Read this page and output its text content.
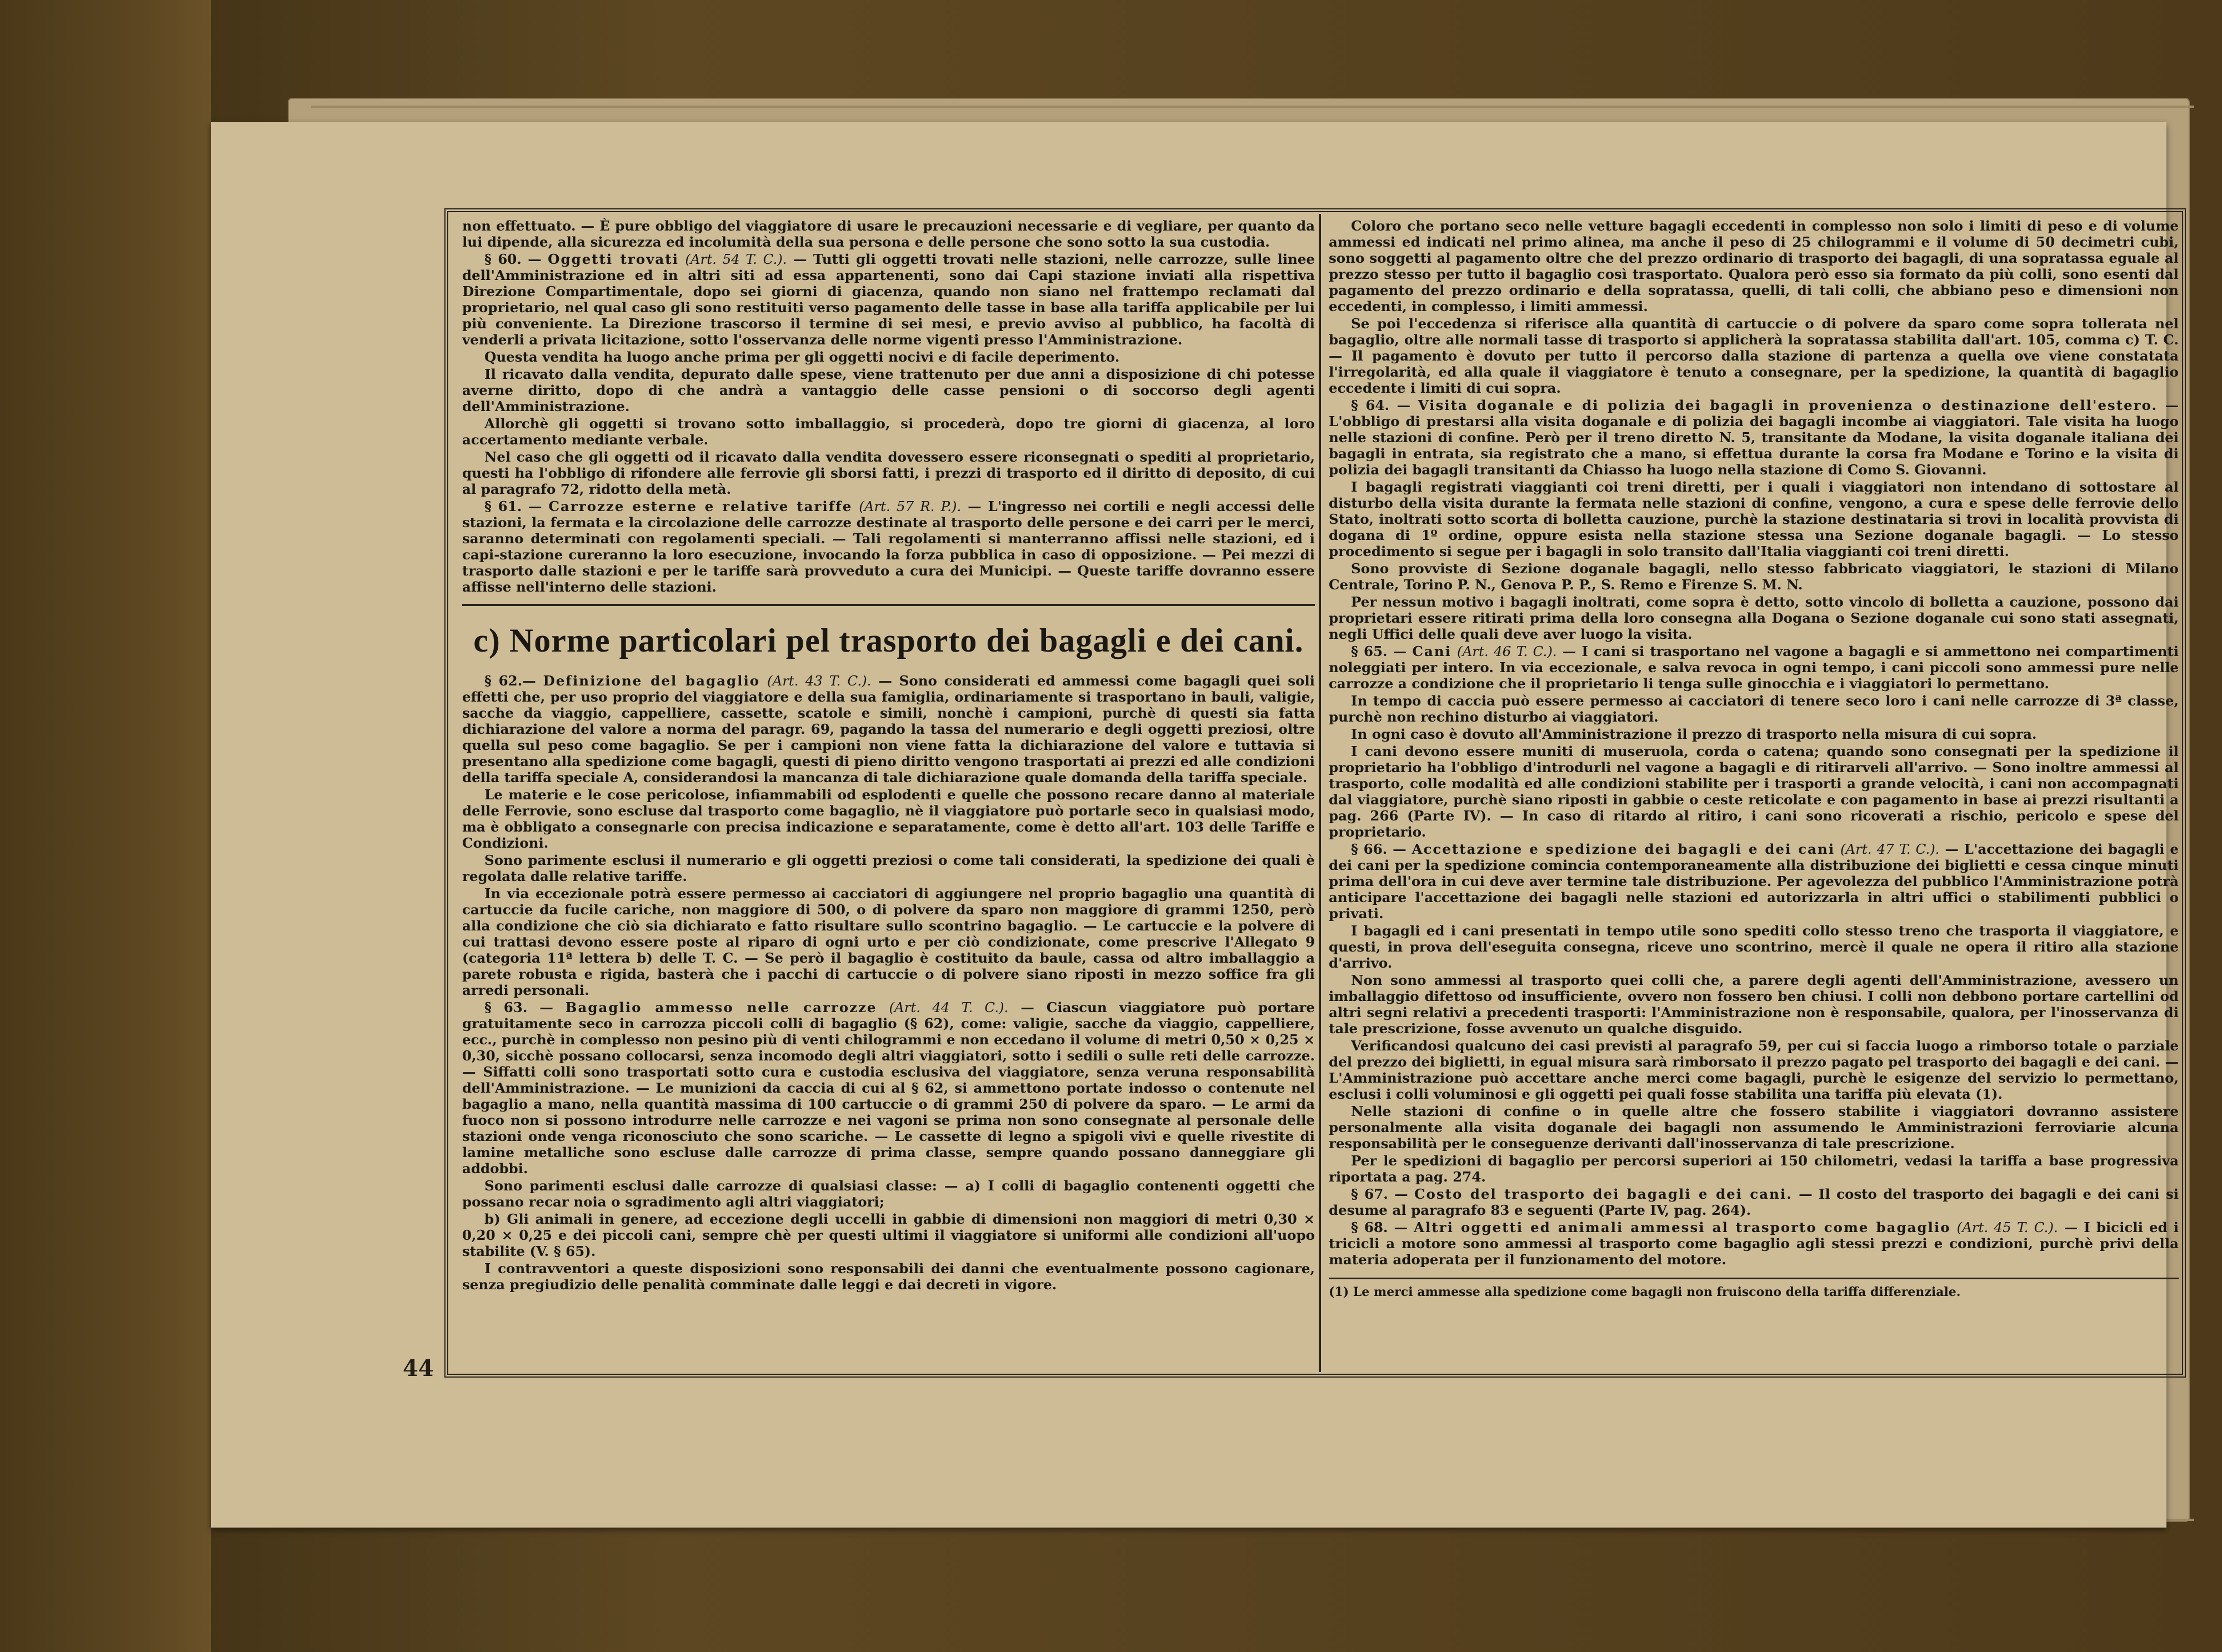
non effettuato. — È pure obbligo del viaggiatore di usare le precauzioni necessarie e di vegliare, per quanto da lui dipende, alla sicurezza ed incolumità della sua persona e delle persone che sono sotto la sua custodia.

§ 60. — Oggetti trovati (Art. 54 T. C.). — Tutti gli oggetti trovati nelle stazioni, nelle carrozze, sulle linee dell'Amministrazione ed in altri siti ad essa appartenenti, sono dai Capi stazione inviati alla rispettiva Direzione Compartimentale, dopo sei giorni di giacenza, quando non siano nel frattempo reclamati dal proprietario, nel qual caso gli sono restituiti verso pagamento delle tasse in base alla tariffa applicabile per lui più conveniente. La Direzione trascorso il termine di sei mesi, e previo avviso al pubblico, ha facoltà di venderli a privata licitazione, sotto l'osservanza delle norme vigenti presso l'Amministrazione.

Questa vendita ha luogo anche prima per gli oggetti nocivi e di facile deperimento.

Il ricavato dalla vendita, depurato dalle spese, viene trattenuto per due anni a disposizione di chi potesse averne diritto, dopo di che andrà a vantaggio delle casse pensioni o di soccorso degli agenti dell'Amministrazione.

Allorchè gli oggetti si trovano sotto imballaggio, si procederà, dopo tre giorni di giacenza, al loro accertamento mediante verbale.

Nel caso che gli oggetti od il ricavato dalla vendita dovessero essere riconsegnati o spediti al proprietario, questi ha l'obbligo di rifondere alle ferrovie gli sborsi fatti, i prezzi di trasporto ed il diritto di deposito, di cui al paragrafo 72, ridotto della metà.

§ 61. — Carrozze esterne e relative tariffe (Art. 57 R. P.). — L'ingresso nei cortili e negli accessi delle stazioni, la fermata e la circolazione delle carrozze destinate al trasporto delle persone e dei carri per le merci, saranno determinati con regolamenti speciali. — Tali regolamenti si manterranno affissi nelle stazioni, ed i capi-stazione cureranno la loro esecuzione, invocando la forza pubblica in caso di opposizione. — Pei mezzi di trasporto dalle stazioni e per le tariffe sarà provveduto a cura dei Municipi. — Queste tariffe dovranno essere affisse nell'interno delle stazioni.

c) Norme particolari pel trasporto dei bagagli e dei cani.

§ 62.— Definizione del bagaglio (Art. 43 T. C.). — Sono considerati ed ammessi come bagagli quei soli effetti che, per uso proprio del viaggiatore e della sua famiglia, ordinariamente si trasportano in bauli, valigie, sacche da viaggio, cappelliere, cassette, scatole e simili, nonchè i campioni, purchè di questi sia fatta dichiarazione del valore a norma del paragr. 69, pagando la tassa del numerario e degli oggetti preziosi, oltre quella sul peso come bagaglio. Se per i campioni non viene fatta la dichiarazione del valore e tuttavia si presentano alla spedizione come bagagli, questi di pieno diritto vengono trasportati ai prezzi ed alle condizioni della tariffa speciale A, considerandosi la mancanza di tale dichiarazione quale domanda della tariffa speciale.

Le materie e le cose pericolose, infiammabili od esplodenti e quelle che possono recare danno al materiale delle Ferrovie, sono escluse dal trasporto come bagaglio, nè il viaggiatore può portarle seco in qualsiasi modo, ma è obbligato a consegnarle con precisa indicazione e separatamente, come è detto all'art. 103 delle Tariffe e Condizioni.

Sono parimente esclusi il numerario e gli oggetti preziosi o come tali considerati, la spedizione dei quali è regolata dalle relative tariffe.

In via eccezionale potrà essere permesso ai cacciatori di aggiungere nel proprio bagaglio una quantità di cartuccie da fucile cariche, non maggiore di 500, o di polvere da sparo non maggiore di grammi 1250, però alla condizione che ciò sia dichiarato e fatto risultare sullo scontrino bagaglio. — Le cartuccie e la polvere di cui trattasi devono essere poste al riparo di ogni urto e per ciò condizionate, come prescrive l'Allegato 9 (categoria 11ª lettera b) delle T. C. — Se però il bagaglio è costituito da baule, cassa od altro imballaggio a parete robusta e rigida, basterà che i pacchi di cartuccie o di polvere siano riposti in mezzo soffice fra gli arredi personali.

§ 63. — Bagaglio ammesso nelle carrozze (Art. 44 T. C.). — Ciascun viaggiatore può portare gratuitamente seco in carrozza piccoli colli di bagaglio (§ 62), come: valigie, sacche da viaggio, cappelliere, ecc., purchè in complesso non pesino più di venti chilogrammi e non eccedano il volume di metri 0,50 × 0,25 × 0,30, sicchè possano collocarsi, senza incomodo degli altri viaggiatori, sotto i sedili o sulle reti delle carrozze. — Siffatti colli sono trasportati sotto cura e custodia esclusiva del viaggiatore, senza veruna responsabilità dell'Amministrazione. — Le munizioni da caccia di cui al § 62, si ammettono portate indosso o contenute nel bagaglio a mano, nella quantità massima di 100 cartuccie o di grammi 250 di polvere da sparo. — Le armi da fuoco non si possono introdurre nelle carrozze e nei vagoni se prima non sono consegnate al personale delle stazioni onde venga riconosciuto che sono scariche. — Le cassette di legno a spigoli vivi e quelle rivestite di lamine metalliche sono escluse dalle carrozze di prima classe, sempre quando possano danneggiare gli addobbi.

Sono parimenti esclusi dalle carrozze di qualsiasi classe: — a) I colli di bagaglio contenenti oggetti che possano recar noia o sgradimento agli altri viaggiatori;

b) Gli animali in genere, ad eccezione degli uccelli in gabbie di dimensioni non maggiori di metri 0,30 × 0,20 × 0,25 e dei piccoli cani, sempre chè per questi ultimi il viaggiatore si uniformi alle condizioni all'uopo stabilite (V. § 65).

I contravventori a queste disposizioni sono responsabili dei danni che eventualmente possono cagionare, senza pregiudizio delle penalità comminate dalle leggi e dai decreti in vigore.

Coloro che portano seco nelle vetture bagagli eccedenti in complesso non solo i limiti di peso e di volume ammessi ed indicati nel primo alinea, ma anche il peso di 25 chilogrammi e il volume di 50 decimetri cubi, sono soggetti al pagamento oltre che del prezzo ordinario di trasporto dei bagagli, di una sopratassa eguale al prezzo stesso per tutto il bagaglio così trasportato. Qualora però esso sia formato da più colli, sono esenti dal pagamento del prezzo ordinario e della sopratassa, quelli, di tali colli, che abbiano peso e dimensioni non eccedenti, in complesso, i limiti ammessi.

Se poi l'eccedenza si riferisce alla quantità di cartuccie o di polvere da sparo come sopra tollerata nel bagaglio, oltre alle normali tasse di trasporto si applicherà la sopratassa stabilita dall'art. 105, comma c) T. C. — Il pagamento è dovuto per tutto il percorso dalla stazione di partenza a quella ove viene constatata l'irregolarità, ed alla quale il viaggiatore è tenuto a consegnare, per la spedizione, la quantità di bagaglio eccedente i limiti di cui sopra.

§ 64. — Visita doganale e di polizia dei bagagli in provenienza o destinazione dell'estero. — L'obbligo di prestarsi alla visita doganale e di polizia dei bagagli incombe ai viaggiatori. Tale visita ha luogo nelle stazioni di confine. Però per il treno diretto N. 5, transitante da Modane, la visita doganale italiana dei bagagli in entrata, sia registrato che a mano, si effettua durante la corsa fra Modane e Torino e la visita di polizia dei bagagli transitanti da Chiasso ha luogo nella stazione di Como S. Giovanni.

I bagagli registrati viaggianti coi treni diretti, per i quali i viaggiatori non intendano di sottostare al disturbo della visita durante la fermata nelle stazioni di confine, vengono, a cura e spese delle ferrovie dello Stato, inoltrati sotto scorta di bolletta cauzione, purchè la stazione destinataria si trovi in località provvista di dogana di 1º ordine, oppure esista nella stazione stessa una Sezione doganale bagagli. — Lo stesso procedimento si segue per i bagagli in solo transito dall'Italia viaggianti coi treni diretti.

Sono provviste di Sezione doganale bagagli, nello stesso fabbricato viaggiatori, le stazioni di Milano Centrale, Torino P. N., Genova P. P., S. Remo e Firenze S. M. N.

Per nessun motivo i bagagli inoltrati, come sopra è detto, sotto vincolo di bolletta a cauzione, possono dai proprietari essere ritirati prima della loro consegna alla Dogana o Sezione doganale cui sono stati assegnati, negli Uffici delle quali deve aver luogo la visita.

§ 65. — Cani (Art. 46 T. C.). — I cani si trasportano nel vagone a bagagli e si ammettono nei compartimenti noleggiati per intero. In via eccezionale, e salva revoca in ogni tempo, i cani piccoli sono ammessi pure nelle carrozze a condizione che il proprietario li tenga sulle ginocchia e i viaggiatori lo permettano.

In tempo di caccia può essere permesso ai cacciatori di tenere seco loro i cani nelle carrozze di 3ª classe, purchè non rechino disturbo ai viaggiatori.

In ogni caso è dovuto all'Amministrazione il prezzo di trasporto nella misura di cui sopra.

I cani devono essere muniti di museruola, corda o catena; quando sono consegnati per la spedizione il proprietario ha l'obbligo d'introdurli nel vagone a bagagli e di ritirarveli all'arrivo. — Sono inoltre ammessi al trasporto, colle modalità ed alle condizioni stabilite per i trasporti a grande velocità, i cani non accompagnati dal viaggiatore, purchè siano riposti in gabbie o ceste reticolate e con pagamento in base ai prezzi risultanti a pag. 266 (Parte IV). — In caso di ritardo al ritiro, i cani sono ricoverati a rischio, pericolo e spese del proprietario.

§ 66. — Accettazione e spedizione dei bagagli e dei cani (Art. 47 T. C.). — L'accettazione dei bagagli e dei cani per la spedizione comincia contemporaneamente alla distribuzione dei biglietti e cessa cinque minuti prima dell'ora in cui deve aver termine tale distribuzione. Per agevolezza del pubblico l'Amministrazione potrà anticipare l'accettazione dei bagagli nelle stazioni ed autorizzarla in altri uffici o stabilimenti pubblici o privati.

I bagagli ed i cani presentati in tempo utile sono spediti collo stesso treno che trasporta il viaggiatore, e questi, in prova dell'eseguita consegna, riceve uno scontrino, mercè il quale ne opera il ritiro alla stazione d'arrivo.

Non sono ammessi al trasporto quei colli che, a parere degli agenti dell'Amministrazione, avessero un imballaggio difettoso od insufficiente, ovvero non fossero ben chiusi. I colli non debbono portare cartellini od altri segni relativi a precedenti trasporti: l'Amministrazione non è responsabile, qualora, per l'inosservanza di tale prescrizione, fosse avvenuto un qualche disguido.

Verificandosi qualcuno dei casi previsti al paragrafo 59, per cui si faccia luogo a rimborso totale o parziale del prezzo dei biglietti, in egual misura sarà rimborsato il prezzo pagato pel trasporto dei bagagli e dei cani. — L'Amministrazione può accettare anche merci come bagagli, purchè le esigenze del servizio lo permettano, esclusi i colli voluminosi e gli oggetti pei quali fosse stabilita una tariffa più elevata (1).

Nelle stazioni di confine o in quelle altre che fossero stabilite i viaggiatori dovranno assistere personalmente alla visita doganale dei bagagli non assumendo le Amministrazioni ferroviarie alcuna responsabilità per le conseguenze derivanti dall'inosservanza di tale prescrizione.

Per le spedizioni di bagaglio per percorsi superiori ai 150 chilometri, vedasi la tariffa a base progressiva riportata a pag. 274.

§ 67. — Costo del trasporto dei bagagli e dei cani. — Il costo del trasporto dei bagagli e dei cani si desume al paragrafo 83 e seguenti (Parte IV, pag. 264).

§ 68. — Altri oggetti ed animali ammessi al trasporto come bagaglio (Art. 45 T. C.). — I bicicli ed i tricicli a motore sono ammessi al trasporto come bagaglio agli stessi prezzi e condizioni, purchè privi della materia adoperata per il funzionamento del motore.

(1) Le merci ammesse alla spedizione come bagagli non fruiscono della tariffa differenziale.

44
